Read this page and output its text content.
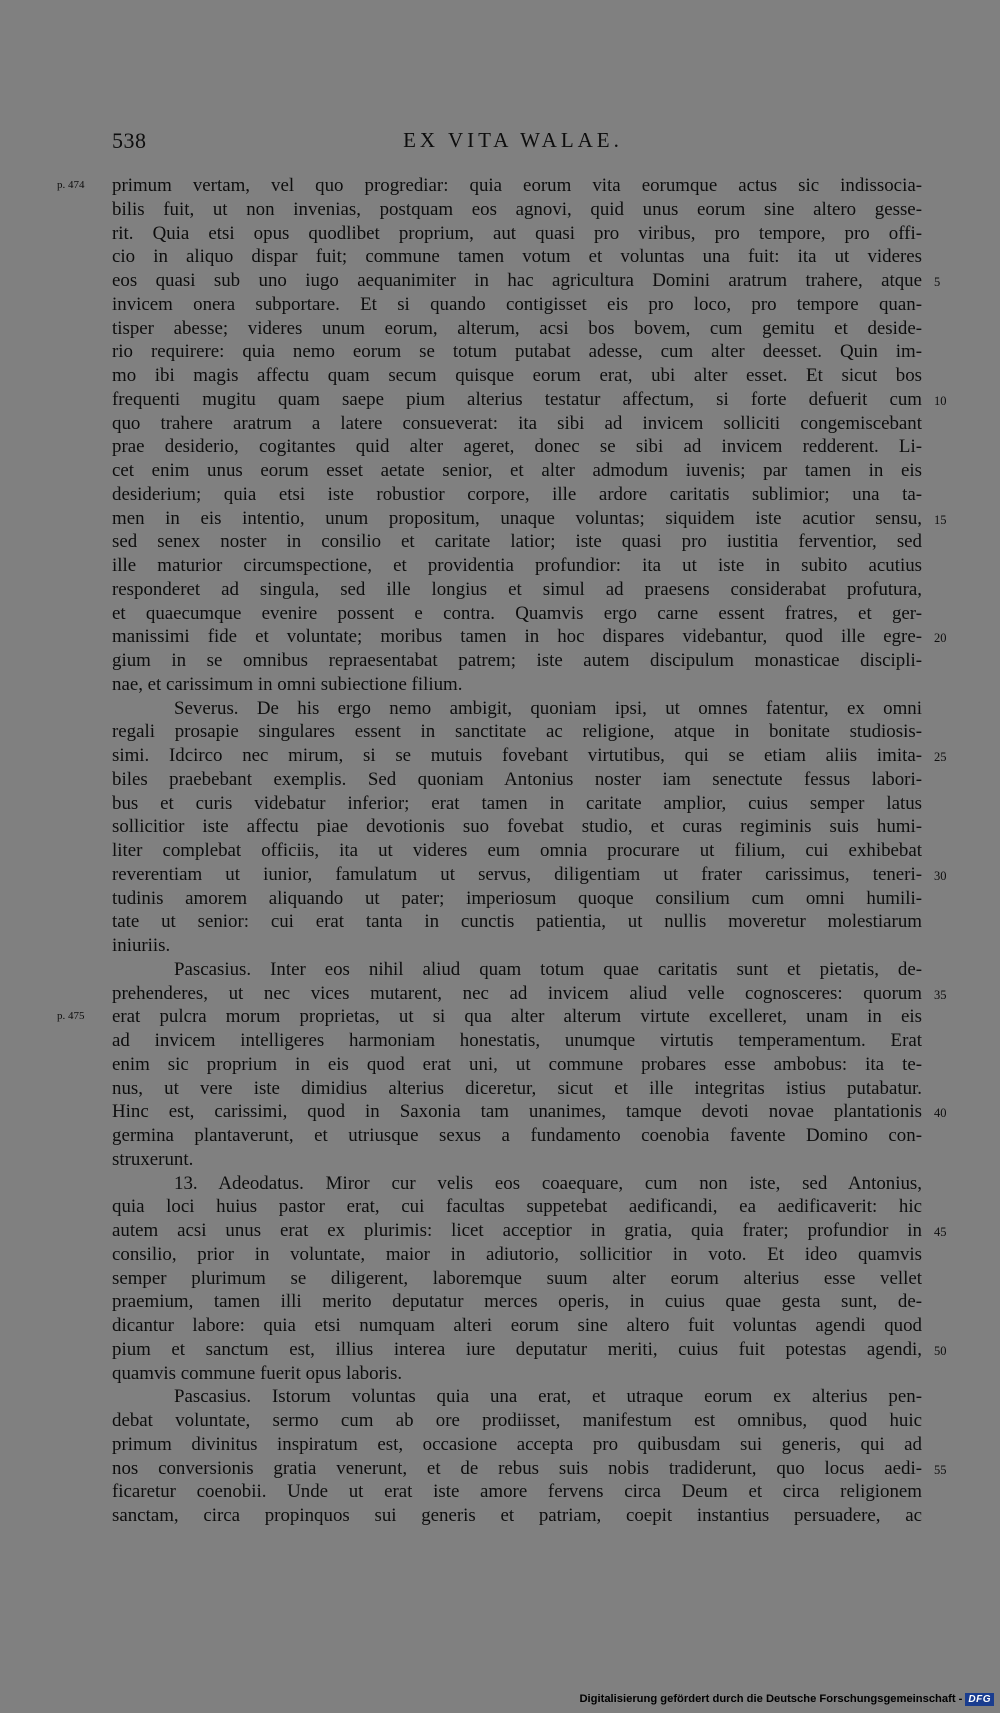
538	EX VITA WALAE.
p. 474 primum vertam, vel quo progrediar: quia eorum vita eorumque actus sic indissocia-
bilis fuit, ut non invenias, postquam eos agnovi, quid unus eorum sine altero gesse-
rit. Quia etsi opus quodlibet proprium, aut quasi pro viribus, pro tempore, pro offi-
cio in aliquo dispar fuit; commune tamen votum et voluntas una fuit: ita ut videres
eos quasi sub uno iugo aequanimiter in hac agricultura Domini aratrum trahere, atque 5
invicem onera subportare. Et si quando contigisset eis pro loco, pro tempore quan-
tisper abesse; videres unum eorum, alterum, acsi bos bovem, cum gemitu et deside-
rio requirere: quia nemo eorum se totum putabat adesse, cum alter deesset. Quin im-
mo ibi magis affectu quam secum quisque eorum erat, ubi alter esset. Et sicut bos
frequenti mugitu quam saepe pium alterius testatur affectum, si forte defuerit cum 10
quo trahere aratrum a latere consueverat: ita sibi ad invicem solliciti congemiscebant
prae desiderio, cogitantes quid alter ageret, donec se sibi ad invicem redderent. Li-
cet enim unus eorum esset aetate senior, et alter admodum iuvenis; par tamen in eis
desiderium; quia etsi iste robustior corpore, ille ardore caritatis sublimior; una ta-
men in eis intentio, unum propositum, unaque voluntas; siquidem iste acutior sensu, 15
sed senex noster in consilio et caritate latior; iste quasi pro iustitia ferventior, sed
ille maturior circumspectione, et providentia profundior: ita ut iste in subito acutius
responderet ad singula, sed ille longius et simul ad praesens considerabat profutura,
et quaecumque evenire possent e contra. Quamvis ergo carne essent fratres, et ger-
manissimi fide et voluntate; moribus tamen in hoc dispares videbantur, quod ille egre- 20
gium in se omnibus repraesentabat patrem; iste autem discipulum monasticae discipli-
nae, et carissimum in omni subiectione filium.
Severus. De his ergo nemo ambigit, quoniam ipsi, ut omnes fatentur, ex omni
regali prosapie singulares essent in sanctitate ac religione, atque in bonitate studiosis-
simi. Idcirco nec mirum, si se mutuis fovebant virtutibus, qui se etiam aliis imita- 25
biles praebebant exemplis. Sed quoniam Antonius noster iam senectute fessus labori-
bus et curis videbatur inferior; erat tamen in caritate amplior, cuius semper latus
sollicitior iste affectu piae devotionis suo fovebat studio, et curas regiminis suis humi-
liter complebat officiis, ita ut videres eum omnia procurare ut filium, cui exhibebat
reverentiam ut iunior, famulatum ut servus, diligentiam ut frater carissimus, teneri- 30
tudinis amorem aliquando ut pater; imperiosum quoque consilium cum omni humili-
tate ut senior: cui erat tanta in cunctis patientia, ut nullis moveretur molestiarum
iniuriis.
Pascasius. Inter eos nihil aliud quam totum quae caritatis sunt et pietatis, de-
prehenderes, ut nec vices mutarent, nec ad invicem aliud velle cognosceres: quorum 35
p. 475 erat pulcra morum proprietas, ut si qua alter alterum virtute excelleret, unam in eis
ad invicem intelligeres harmoniam honestatis, unumque virtutis temperamentum. Erat
enim sic proprium in eis quod erat uni, ut commune probares esse ambobus: ita te-
nus, ut vere iste dimidius alterius diceretur, sicut et ille integritas istius putabatur.
Hinc est, carissimi, quod in Saxonia tam unanimes, tamque devoti novae plantationis 40
germina plantaverunt, et utriusque sexus a fundamento coenobia favente Domino con-
struxerunt.
13. Adeodatus. Miror cur velis eos coaequare, cum non iste, sed Antonius,
quia loci huius pastor erat, cui facultas suppetebat aedificandi, ea aedificaverit: hic
autem acsi unus erat ex plurimis: licet acceptior in gratia, quia frater; profundior in 45
consilio, prior in voluntate, maior in adiutorio, sollicitior in voto. Et ideo quamvis
semper plurimum se diligerent, laboremque suum alter eorum alterius esse vellet
praemium, tamen illi merito deputatur merces operis, in cuius quae gesta sunt, de-
dicantur labore: quia etsi numquam alteri eorum sine altero fuit voluntas agendi quod
pium et sanctum est, illius interea iure deputatur meriti, cuius fuit potestas agendi, 50
quamvis commune fuerit opus laboris.
Pascasius. Istorum voluntas quia una erat, et utraque eorum ex alterius pen-
debat voluntate, sermo cum ab ore prodiisset, manifestum est omnibus, quod huic
primum divinitus inspiratum est, occasione accepta pro quibusdam sui generis, qui ad
nos conversionis gratia venerunt, et de rebus suis nobis tradiderunt, quo locus aedi- 55
ficaretur coenobii. Unde ut erat iste amore fervens circa Deum et circa religionem
sanctam, circa propinquos sui generis et patriam, coepit instantius persuadere, ac
Digitalisierung gefördert durch die Deutsche Forschungsgemeinschaft - DFG
